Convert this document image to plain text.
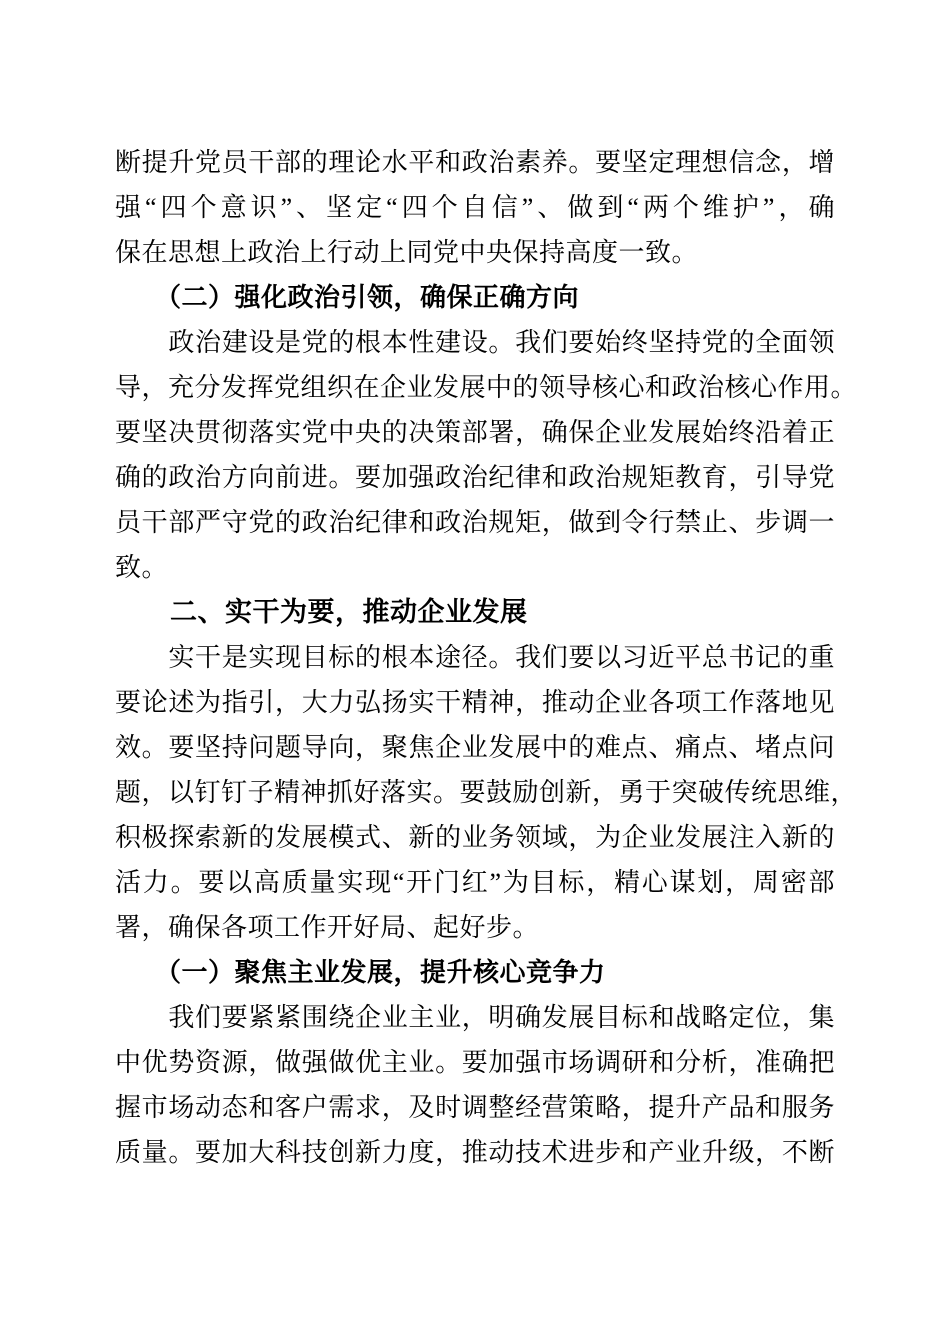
断提升党员干部的理论水平和政治素养。要坚定理想信念，增
强“四个意识”、坚定“四个自信”、做到“两个维护”，确
保在思想上政治上行动上同党中央保持高度一致。
　　（二）强化政治引领，确保正确方向
　　政治建设是党的根本性建设。我们要始终坚持党的全面领
导，充分发挥党组织在企业发展中的领导核心和政治核心作用。
要坚决贯彻落实党中央的决策部署，确保企业发展始终沿着正
确的政治方向前进。要加强政治纪律和政治规矩教育，引导党
员干部严守党的政治纪律和政治规矩，做到令行禁止、步调一
致。
　　二、实干为要，推动企业发展
　　实干是实现目标的根本途径。我们要以习近平总书记的重
要论述为指引，大力弘扬实干精神，推动企业各项工作落地见
效。要坚持问题导向，聚焦企业发展中的难点、痛点、堵点问
题，以钉钉子精神抓好落实。要鼓励创新，勇于突破传统思维，
积极探索新的发展模式、新的业务领域，为企业发展注入新的
活力。要以高质量实现“开门红”为目标，精心谋划，周密部
署，确保各项工作开好局、起好步。
　　（一）聚焦主业发展，提升核心竞争力
　　我们要紧紧围绕企业主业，明确发展目标和战略定位，集
中优势资源，做强做优主业。要加强市场调研和分析，准确把
握市场动态和客户需求，及时调整经营策略，提升产品和服务
质量。要加大科技创新力度，推动技术进步和产业升级，不断
